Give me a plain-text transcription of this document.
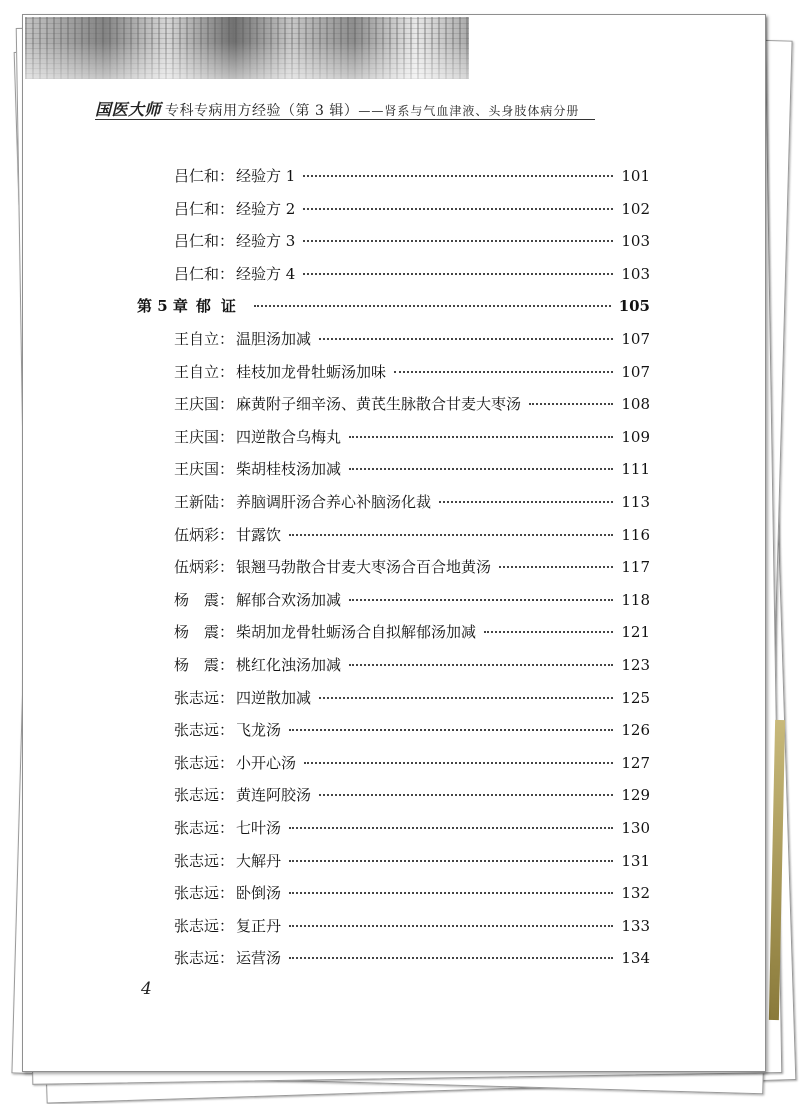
国医大师 专科专病用方经验（第 3 辑）——肾系与气血津液、头身肢体病分册
吕仁和： 经验方 1	101
吕仁和： 经验方 2	102
吕仁和： 经验方 3	103
吕仁和： 经验方 4	103
第 5 章 郁证	105
王自立： 温胆汤加减	107
王自立： 桂枝加龙骨牡蛎汤加味	107
王庆国： 麻黄附子细辛汤、黄芪生脉散合甘麦大枣汤	108
王庆国： 四逆散合乌梅丸	109
王庆国： 柴胡桂枝汤加减	111
王新陆： 养脑调肝汤合养心补脑汤化裁	113
伍炳彩： 甘露饮	116
伍炳彩： 银翘马勃散合甘麦大枣汤合百合地黄汤	117
杨　震： 解郁合欢汤加减	118
杨　震： 柴胡加龙骨牡蛎汤合自拟解郁汤加减	121
杨　震： 桃红化浊汤加减	123
张志远： 四逆散加减	125
张志远： 飞龙汤	126
张志远： 小开心汤	127
张志远： 黄连阿胶汤	129
张志远： 七叶汤	130
张志远： 大解丹	131
张志远： 卧倒汤	132
张志远： 复正丹	133
张志远： 运营汤	134
4
